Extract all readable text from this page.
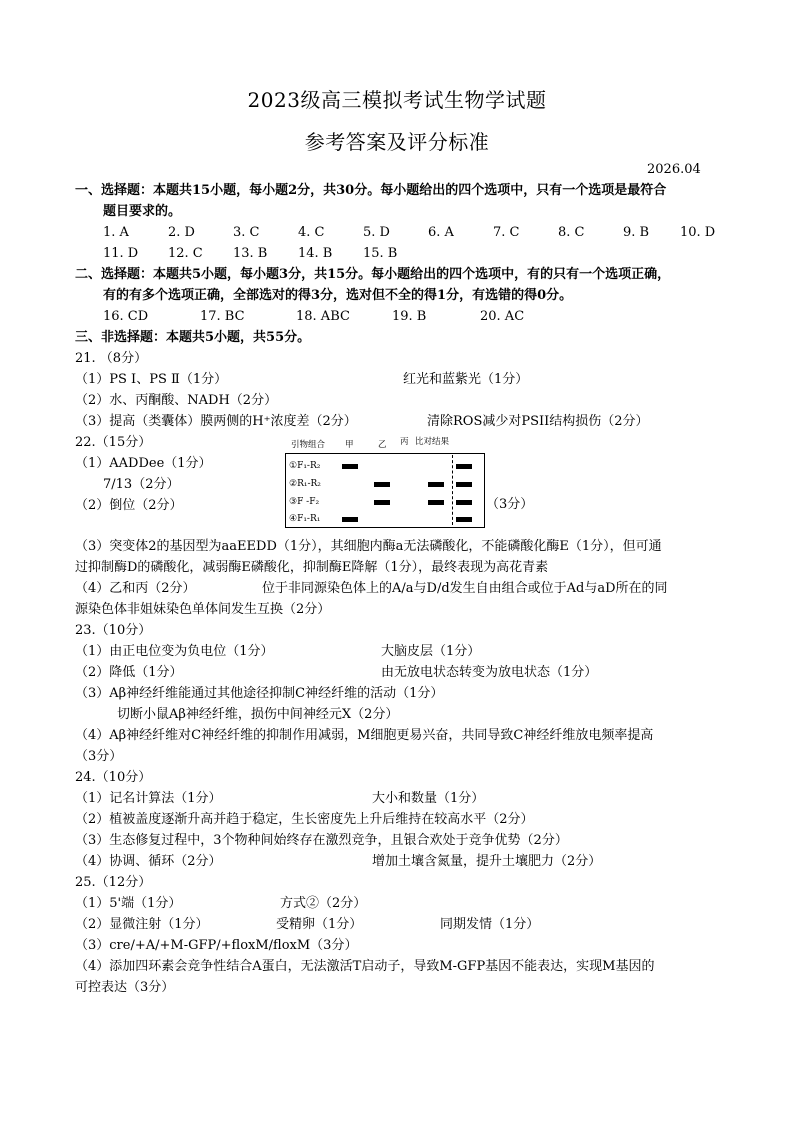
2023级高三模拟考试生物学试题
参考答案及评分标准
2026.04
一、选择题：本题共15小题，每小题2分，共30分。每小题给出的四个选项中，只有一个选项是最符合
题目要求的。
1. A	2. D	3. C	4. C	5. D	6. A	7. C	8. C	9. B 10. D
11. D 12. C 13. B 14. B 15. B
二、选择题：本题共5小题，每小题3分，共15分。每小题给出的四个选项中，有的只有一个选项正确，
有的有多个选项正确，全部选对的得3分，选对但不全的得1分，有选错的得0分。
16. CD	17. BC	18. ABC	19. B	20. AC
三、非选择题：本题共5小题，共55分。
21. （8分）
（1）PS Ⅰ、PS Ⅱ（1分）	红光和蓝紫光（1分）
（2）水、丙酮酸、NADH（2分）
（3）提高（类囊体）膜两侧的H⁺浓度差（2分）	清除ROS减少对PSII结构损伤（2分）
22.（15分）
（1）AADDee（1分）
7/13（2分）
（2）倒位（2分）	（3分）
引物组合 甲	乙 丙 比对结果
①F₁-R₂
②R₁-R₂
③F -F₂
④F₁-R₁
（3）突变体2的基因型为aaEEDD（1分），其细胞内酶a无法磷酸化，不能磷酸化酶E（1分），但可通
过抑制酶D的磷酸化，减弱酶E磷酸化，抑制酶E降解（1分），最终表现为高花青素
（4）乙和丙（2分）	位于非同源染色体上的A/a与D/d发生自由组合或位于Ad与aD所在的同
源染色体非姐妹染色单体间发生互换（2分）
23.（10分）
（1）由正电位变为负电位（1分）	大脑皮层（1分）
（2）降低（1分）	由无放电状态转变为放电状态（1分）
（3）Aβ神经纤维能通过其他途径抑制C神经纤维的活动（1分）
切断小鼠Aβ神经纤维，损伤中间神经元X（2分）
（4）Aβ神经纤维对C神经纤维的抑制作用减弱，M细胞更易兴奋，共同导致C神经纤维放电频率提高
（3分）
24.（10分）
（1）记名计算法（1分）	大小和数量（1分）
（2）植被盖度逐渐升高并趋于稳定，生长密度先上升后维持在较高水平（2分）
（3）生态修复过程中，3个物种间始终存在激烈竞争，且银合欢处于竞争优势（2分）
（4）协调、循环（2分）	增加土壤含氮量，提升土壤肥力（2分）
25.（12分）
（1）5'端（1分）	方式②（2分）
（2）显微注射（1分）	受精卵（1分）	同期发情（1分）
（3）cre/+A/+M-GFP/+floxM/floxM（3分）
（4）添加四环素会竞争性结合A蛋白，无法激活T启动子，导致M-GFP基因不能表达，实现M基因的
可控表达（3分）
